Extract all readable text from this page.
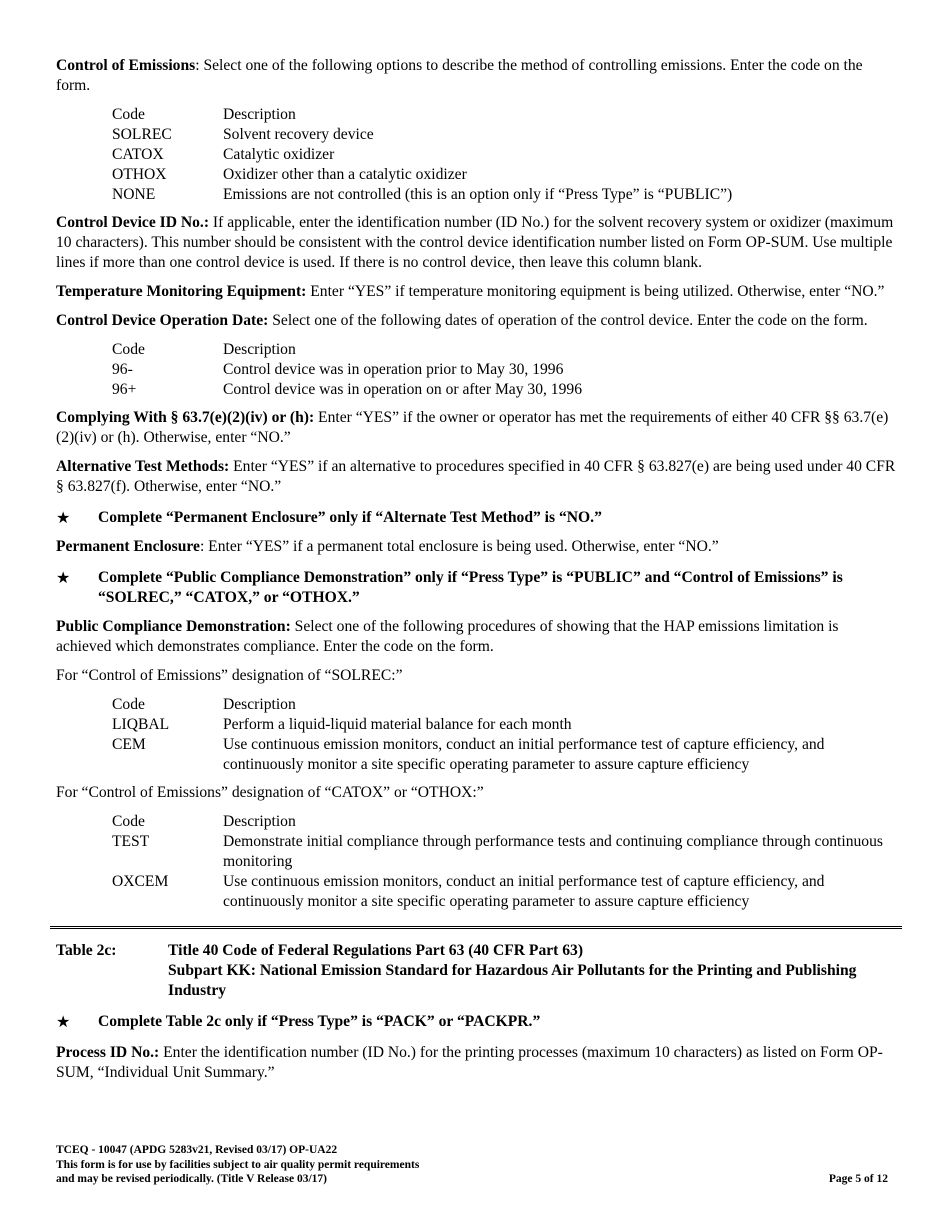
Control of Emissions: Select one of the following options to describe the method of controlling emissions. Enter the code on the form.

Code	Description
SOLREC	Solvent recovery device
CATOX	Catalytic oxidizer
OTHOX	Oxidizer other than a catalytic oxidizer
NONE	Emissions are not controlled (this is an option only if “Press Type” is “PUBLIC”)

Control Device ID No.: If applicable, enter the identification number (ID No.) for the solvent recovery system or oxidizer (maximum 10 characters). This number should be consistent with the control device identification number listed on Form OP-SUM. Use multiple lines if more than one control device is used. If there is no control device, then leave this column blank.

Temperature Monitoring Equipment: Enter “YES” if temperature monitoring equipment is being utilized. Otherwise, enter “NO.”

Control Device Operation Date: Select one of the following dates of operation of the control device. Enter the code on the form.

Code	Description
96-	Control device was in operation prior to May 30, 1996
96+	Control device was in operation on or after May 30, 1996

Complying With § 63.7(e)(2)(iv) or (h): Enter “YES” if the owner or operator has met the requirements of either 40 CFR §§ 63.7(e)(2)(iv) or (h). Otherwise, enter “NO.”

Alternative Test Methods: Enter “YES” if an alternative to procedures specified in 40 CFR § 63.827(e) are being used under 40 CFR § 63.827(f). Otherwise, enter “NO.”

★	Complete “Permanent Enclosure” only if “Alternate Test Method” is “NO.”

Permanent Enclosure: Enter “YES” if a permanent total enclosure is being used. Otherwise, enter “NO.”

★	Complete “Public Compliance Demonstration” only if “Press Type” is “PUBLIC” and “Control of Emissions” is “SOLREC,” “CATOX,” or “OTHOX.”

Public Compliance Demonstration: Select one of the following procedures of showing that the HAP emissions limitation is achieved which demonstrates compliance. Enter the code on the form.

For “Control of Emissions” designation of “SOLREC:”

Code	Description
LIQBAL	Perform a liquid-liquid material balance for each month
CEM	Use continuous emission monitors, conduct an initial performance test of capture efficiency, and continuously monitor a site specific operating parameter to assure capture efficiency

For “Control of Emissions” designation of “CATOX” or “OTHOX:”

Code	Description
TEST	Demonstrate initial compliance through performance tests and continuing compliance through continuous monitoring
OXCEM	Use continuous emission monitors, conduct an initial performance test of capture efficiency, and continuously monitor a site specific operating parameter to assure capture efficiency
Table 2c:	Title 40 Code of Federal Regulations Part 63 (40 CFR Part 63)
Subpart KK: National Emission Standard for Hazardous Air Pollutants for the Printing and Publishing Industry
★	Complete Table 2c only if “Press Type” is “PACK” or “PACKPR.”

Process ID No.: Enter the identification number (ID No.) for the printing processes (maximum 10 characters) as listed on Form OP-SUM, “Individual Unit Summary.”

TCEQ - 10047 (APDG 5283v21, Revised 03/17) OP-UA22
This form is for use by facilities subject to air quality permit requirements
and may be revised periodically. (Title V Release 03/17)	Page 5 of 12
